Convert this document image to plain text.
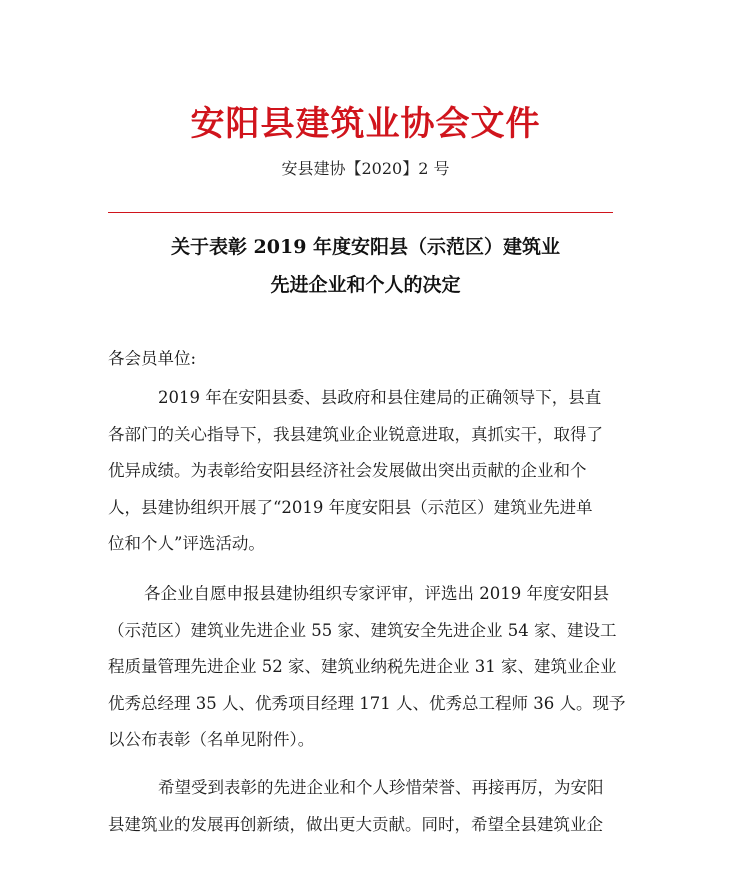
安阳县建筑业协会文件
安县建协【2020】2 号
关于表彰 2019 年度安阳县（示范区）建筑业
先进企业和个人的决定
各会员单位:
2019 年在安阳县委、县政府和县住建局的正确领导下，县直
各部门的关心指导下，我县建筑业企业锐意进取，真抓实干，取得了
优异成绩。为表彰给安阳县经济社会发展做出突出贡献的企业和个
人，县建协组织开展了“2019 年度安阳县（示范区）建筑业先进单
位和个人”评选活动。
各企业自愿申报县建协组织专家评审，评选出 2019 年度安阳县
（示范区）建筑业先进企业 55 家、建筑安全先进企业 54 家、建设工
程质量管理先进企业 52 家、建筑业纳税先进企业 31 家、建筑业企业
优秀总经理 35 人、优秀项目经理 171 人、优秀总工程师 36 人。现予
以公布表彰（名单见附件）。
希望受到表彰的先进企业和个人珍惜荣誉、再接再厉，为安阳
县建筑业的发展再创新绩，做出更大贡献。同时，希望全县建筑业企
